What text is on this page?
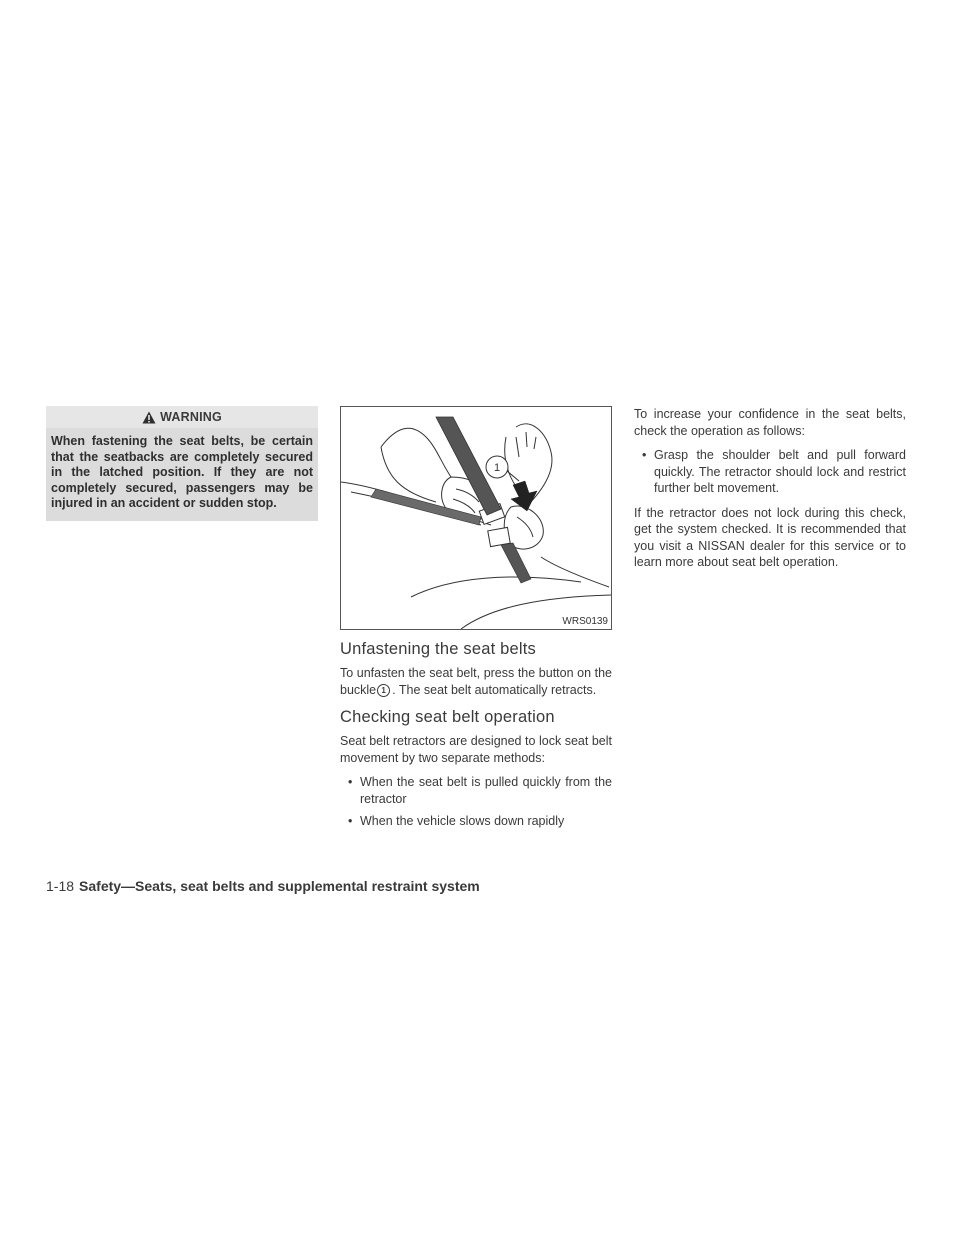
WARNING

When fastening the seat belts, be certain that the seatbacks are completely secured in the latched position. If they are not completely secured, passengers may be injured in an accident or sudden stop.

1
WRS0139
Unfastening the seat belts

To unfasten the seat belt, press the button on the buckle 1 . The seat belt automatically retracts.

Checking seat belt operation

Seat belt retractors are designed to lock seat belt movement by two separate methods:

• When the seat belt is pulled quickly from the retractor
• When the vehicle slows down rapidly

To increase your confidence in the seat belts, check the operation as follows:

• Grasp the shoulder belt and pull forward quickly. The retractor should lock and restrict further belt movement.

If the retractor does not lock during this check, get the system checked. It is recommended that you visit a NISSAN dealer for this service or to learn more about seat belt operation.

1-18 Safety—Seats, seat belts and supplemental restraint system
